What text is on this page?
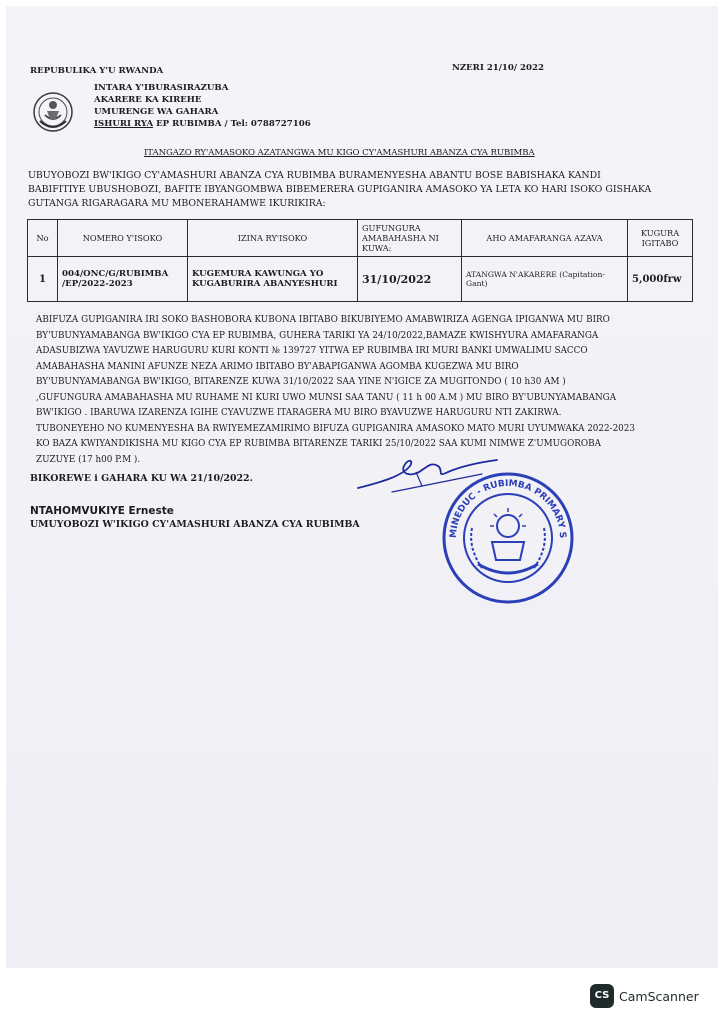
REPUBULIKA Y'U RWANDA	NZERI 21/10/ 2022
INTARA Y'IBURASIRAZUBA
AKARERE KA KIREHE
UMURENGE WA GAHARA
ISHURI RYA EP RUBIMBA / Tel: 0788727106
ITANGAZO RY'AMASOKO AZATANGWA MU KIGO CY'AMASHURI ABANZA CYA RUBIMBA
UBUYOBOZI BW'IKIGO CY'AMASHURI ABANZA CYA RUBIMBA BURAMENYESHA ABANTU BOSE BABISHAKA KANDI
BABIFITIYE UBUSHOBOZI, BAFITE IBYANGOMBWA BIBEMERERA GUPIGANIRA AMASOKO YA LETA KO HARI ISOKO GISHAKA
GUTANGA RIGARAGARA MU MBONERAHAMWE IKURIKIRA:
No	NOMERO Y'ISOKO	IZINA RY'ISOKO	GUFUNGURA AMABAHASHA NI KUWA:	AHO AMAFARANGA AZAVA	KUGURA IGITABO
1	004/ONC/G/RUBIMBA /EP/2022-2023	KUGEMURA KAWUNGA YO KUGABURIRA ABANYESHURI	31/10/2022	ATANGWA N'AKARERE (Capitation-Gant)	5,000frw
ABIFUZA GUPIGANIRA IRI SOKO BASHOBORA KUBONA IBITABO BIKUBIYEMO AMABWIRIZA AGENGA IPIGANWA MU BIRO
BY'UBUNYAMABANGA BW'IKIGO CYA EP RUBIMBA, GUHERA TARIKI YA 24/10/2022,BAMAZE KWISHYURA AMAFARANGA
ADASUBIZWA YAVUZWE HARUGURU KURI KONTI № 139727 YITWA EP RUBIMBA IRI MURI BANKI UMWALIMU SACCO
AMABAHASHA MANINI AFUNZE NEZA ARIMO IBITABO BY'ABAPIGANWA AGOMBA KUGEZWA MU BIRO
BY'UBUNYAMABANGA BW'IKIGO, BITARENZE KUWA 31/10/2022 SAA YINE N'IGICE ZA MUGITONDO ( 10 h30 AM )
,GUFUNGURA AMABAHASHA MU RUHAME NI KURI UWO MUNSI SAA TANU ( 11 h 00 A.M ) MU BIRO BY'UBUNYAMABANGA
BW'IKIGO . IBARUWA IZARENZA IGIHE CYAVUZWE ITARAGERA MU BIRO BYAVUZWE HARUGURU NTI ZAKIRWA.
TUBONEYEHO NO KUMENYESHA BA RWIYEMEZAMIRIMO BIFUZA GUPIGANIRA AMASOKO MATO MURI UYUMWAKA 2022-2023
KO BAZA KWIYANDIKISHA MU KIGO CYA EP RUBIMBA BITARENZE TARIKI 25/10/2022 SAA KUMI NIMWE Z'UMUGOROBA
ZUZUYE (17 h00 P.M ).
BIKOREWE i GAHARA KU WA 21/10/2022.
NTAHOMVUKIYE Erneste
UMUYOBOZI W'IKIGO CY'AMASHURI ABANZA CYA RUBIMBA
MINEDUC - RUBIMBA PRIMARY S
CS CamScanner
